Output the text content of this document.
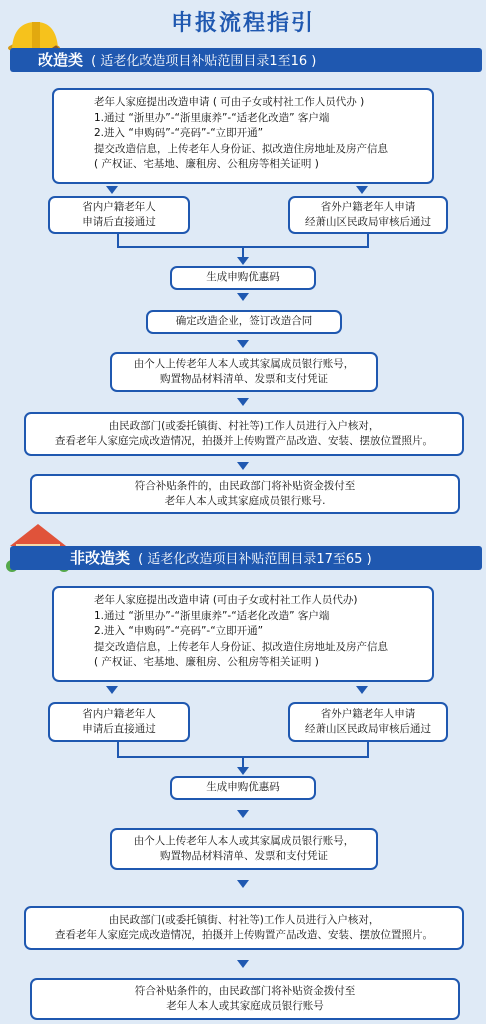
申报流程指引
改造类 ( 适老化改造项目补贴范围目录1至16 )
老年人家庭提出改造申请 ( 可由子女或村社工作人员代办 )
1.通过 “浙里办”-“浙里康养”-“适老化改造” 客户端
2.进入 “申购码”-“亮码”-“立即开通”
提交改造信息，上传老年人身份证、拟改造住房地址及房产信息
( 产权证、宅基地、廉租房、公租房等相关证明 )
省内户籍老年人
申请后直接通过
省外户籍老年人申请
经萧山区民政局审核后通过
生成申购优惠码
确定改造企业，签订改造合同
由个人上传老年人本人或其家属成员银行账号，
购置物品材料清单、发票和支付凭证
由民政部门(或委托镇街、村社等)工作人员进行入户核对，
查看老年人家庭完成改造情况，拍摄并上传购置产品改造、安装、摆放位置照片。
符合补贴条件的，由民政部门将补贴资金拨付至
老年人本人或其家庭成员银行账号.
非改造类 ( 适老化改造项目补贴范围目录17至65 )
老年人家庭提出改造申请 (可由子女或村社工作人员代办)
1.通过 “浙里办”-“浙里康养”-“适老化改造” 客户端
2.进入 “申购码”-“亮码”-“立即开通”
提交改造信息，上传老年人身份证、拟改造住房地址及房产信息
( 产权证、宅基地、廉租房、公租房等相关证明 )
省内户籍老年人
申请后直接通过
省外户籍老年人申请
经萧山区民政局审核后通过
生成申购优惠码
由个人上传老年人本人或其家属成员银行账号，
购置物品材料清单、发票和支付凭证
由民政部门(或委托镇街、村社等)工作人员进行入户核对，
查看老年人家庭完成改造情况，拍摄并上传购置产品改造、安装、摆放位置照片。
符合补贴条件的，由民政部门将补贴资金拨付至
老年人本人或其家庭成员银行账号
